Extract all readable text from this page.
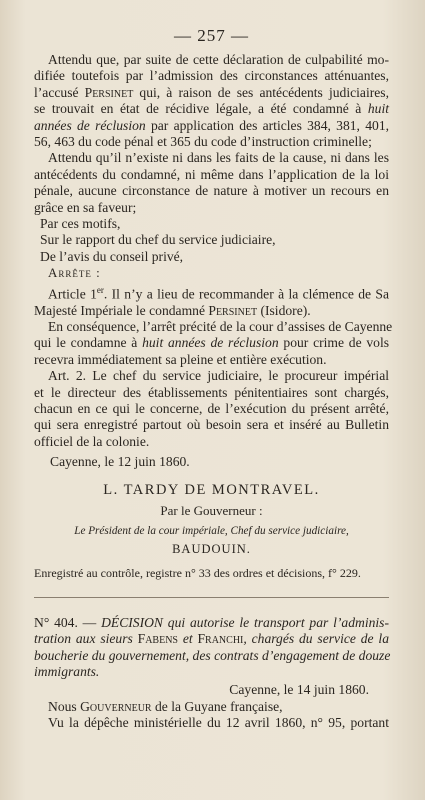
— 257 —

Attendu que, par suite de cette déclaration de culpabilité mo-
difiée toutefois par l’admission des circonstances atténuantes,
l’accusé Persinet qui, à raison de ses antécédents judiciaires,
se trouvait en état de récidive légale, a été condamné à huit
années de réclusion par application des articles 384, 381, 401,
56, 463 du code pénal et 365 du code d’instruction criminelle;

Attendu qu’il n’existe ni dans les faits de la cause, ni dans les
antécédents du condamné, ni même dans l’application de la loi
pénale, aucune circonstance de nature à motiver un recours en
grâce en sa faveur;

Par ces motifs,

Sur le rapport du chef du service judiciaire,

De l’avis du conseil privé,

Arrête :

Article 1er. Il n’y a lieu de recommander à la clémence de Sa
Majesté Impériale le condamné Persinet (Isidore).

En conséquence, l’arrêt précité de la cour d’assises de Cayenne
qui le condamne à huit années de réclusion pour crime de vols
recevra immédiatement sa pleine et entière exécution.

Art. 2. Le chef du service judiciaire, le procureur impérial
et le directeur des établissements pénitentiaires sont chargés,
chacun en ce qui le concerne, de l’exécution du présent arrêté,
qui sera enregistré partout où besoin sera et inséré au Bulletin
officiel de la colonie.

Cayenne, le 12 juin 1860.

L. TARDY DE MONTRAVEL.

Par le Gouverneur :

Le Président de la cour impériale, Chef du service judiciaire,

BAUDOUIN.

Enregistré au contrôle, registre n° 33 des ordres et décisions, f° 229.

N° 404. — DÉCISION qui autorise le transport par l’adminis-
tration aux sieurs Fabens et Franchi, chargés du service de la
boucherie du gouvernement, des contrats d’engagement de douze
immigrants.

Cayenne, le 14 juin 1860.

Nous Gouverneur de la Guyane française,

Vu la dépêche ministérielle du 12 avril 1860, n° 95, portant
